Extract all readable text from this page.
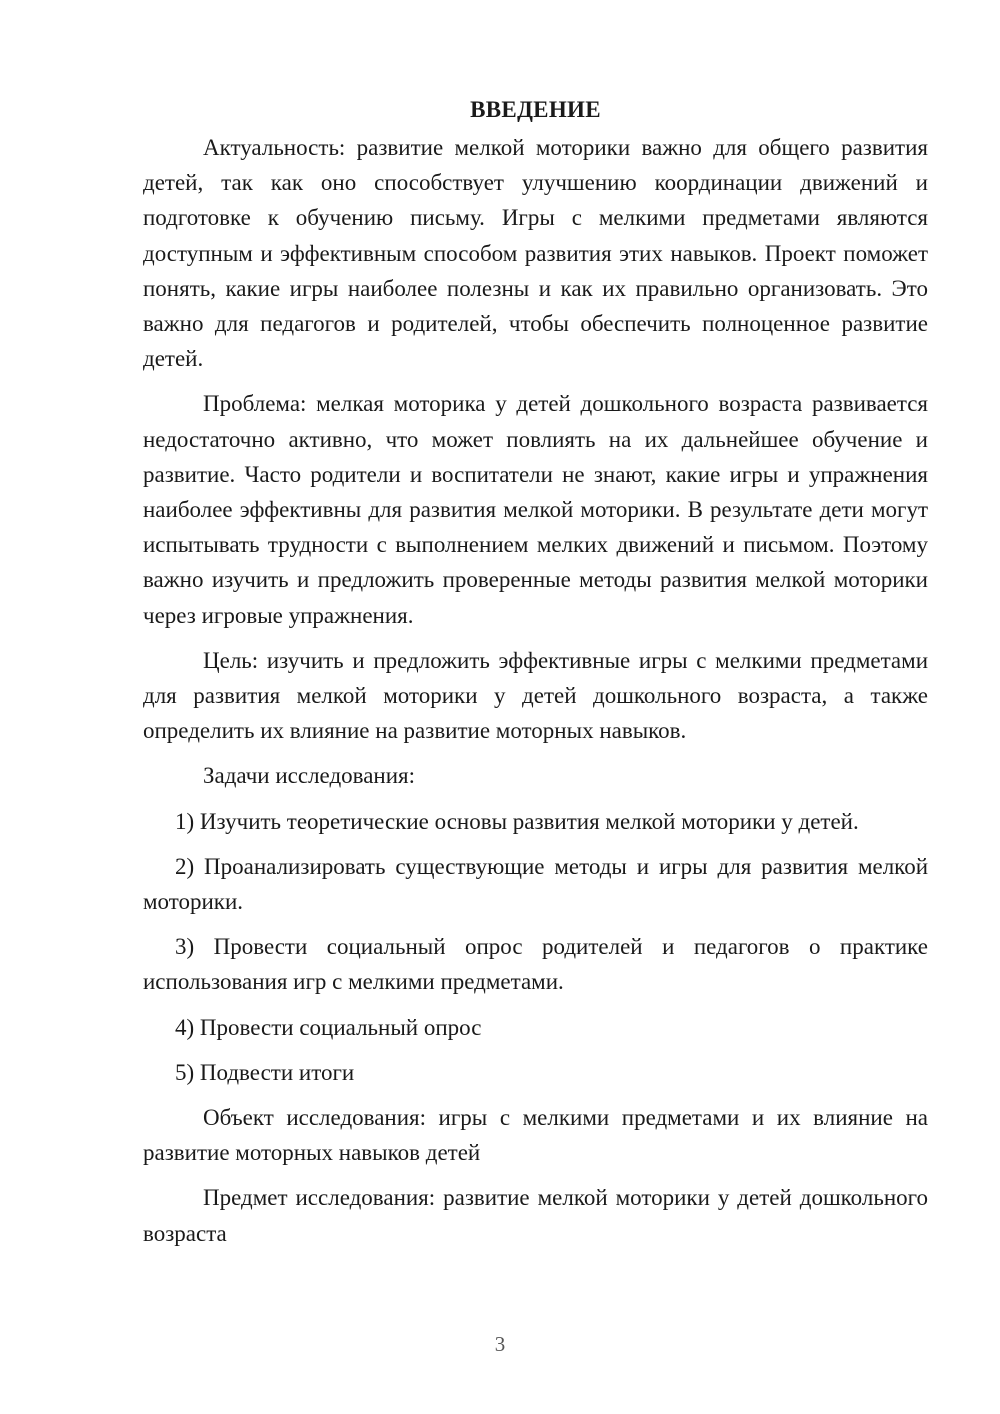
ВВЕДЕНИЕ

Актуальность: развитие мелкой моторики важно для общего развития детей, так как оно способствует улучшению координации движений и подготовке к обучению письму. Игры с мелкими предметами являются доступным и эффективным способом развития этих навыков. Проект поможет понять, какие игры наиболее полезны и как их правильно организовать. Это важно для педагогов и родителей, чтобы обеспечить полноценное развитие детей.

Проблема: мелкая моторика у детей дошкольного возраста развивается недостаточно активно, что может повлиять на их дальнейшее обучение и развитие. Часто родители и воспитатели не знают, какие игры и упражнения наиболее эффективны для развития мелкой моторики. В результате дети могут испытывать трудности с выполнением мелких движений и письмом. Поэтому важно изучить и предложить проверенные методы развития мелкой моторики через игровые упражнения.

Цель: изучить и предложить эффективные игры с мелкими предметами для развития мелкой моторики у детей дошкольного возраста, а также определить их влияние на развитие моторных навыков.

Задачи исследования:

1) Изучить теоретические основы развития мелкой моторики у детей.

2) Проанализировать существующие методы и игры для развития мелкой моторики.

3) Провести социальный опрос родителей и педагогов о практике использования игр с мелкими предметами.

4) Провести социальный опрос

5) Подвести итоги

Объект исследования: игры с мелкими предметами и их влияние на развитие моторных навыков детей

Предмет исследования: развитие мелкой моторики у детей дошкольного возраста

3
